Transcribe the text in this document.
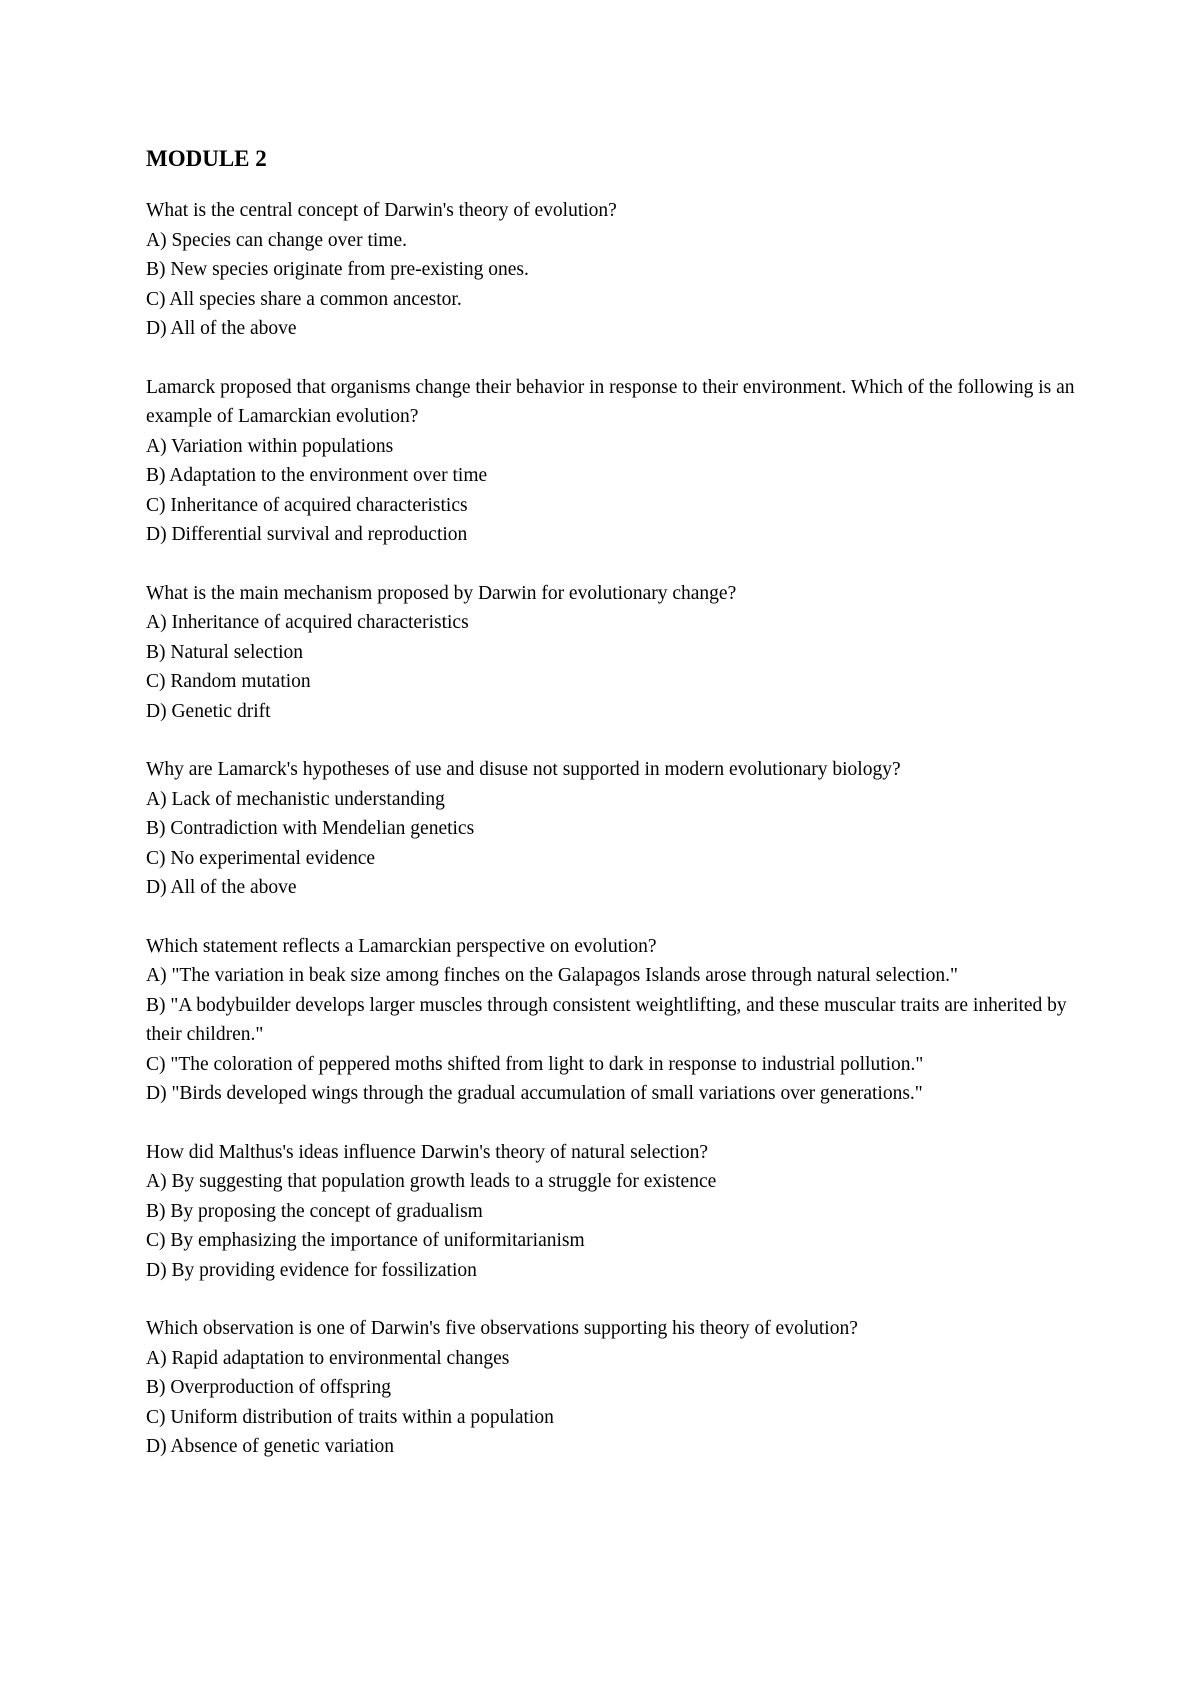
MODULE 2

What is the central concept of Darwin's theory of evolution?

A) Species can change over time.

B) New species originate from pre-existing ones.

C) All species share a common ancestor.

D) All of the above

Lamarck proposed that organisms change their behavior in response to their environment. Which of the following is an example of Lamarckian evolution?

A) Variation within populations

B) Adaptation to the environment over time

C) Inheritance of acquired characteristics

D) Differential survival and reproduction

What is the main mechanism proposed by Darwin for evolutionary change?

A) Inheritance of acquired characteristics

B) Natural selection

C) Random mutation

D) Genetic drift

Why are Lamarck's hypotheses of use and disuse not supported in modern evolutionary biology?

A) Lack of mechanistic understanding

B) Contradiction with Mendelian genetics

C) No experimental evidence

D) All of the above

Which statement reflects a Lamarckian perspective on evolution?

A) "The variation in beak size among finches on the Galapagos Islands arose through natural selection."

B) "A bodybuilder develops larger muscles through consistent weightlifting, and these muscular traits are inherited by their children."

C) "The coloration of peppered moths shifted from light to dark in response to industrial pollution."

D) "Birds developed wings through the gradual accumulation of small variations over generations."

How did Malthus's ideas influence Darwin's theory of natural selection?

A) By suggesting that population growth leads to a struggle for existence

B) By proposing the concept of gradualism

C) By emphasizing the importance of uniformitarianism

D) By providing evidence for fossilization

Which observation is one of Darwin's five observations supporting his theory of evolution?

A) Rapid adaptation to environmental changes

B) Overproduction of offspring

C) Uniform distribution of traits within a population

D) Absence of genetic variation
